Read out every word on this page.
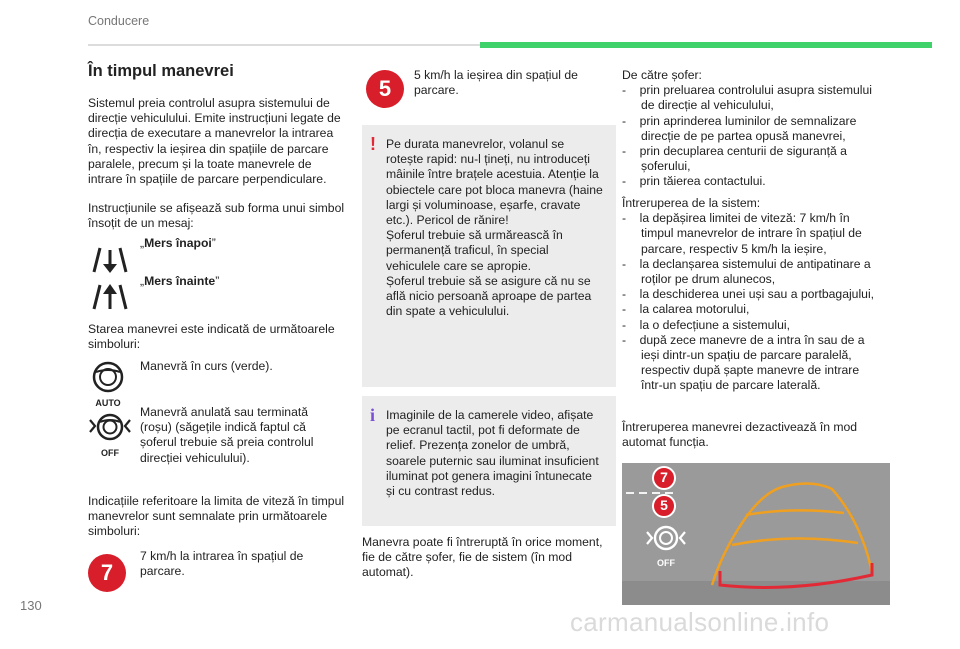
Conducere
În timpul manevrei
Sistemul preia controlul asupra sistemului de direcție vehiculului. Emite instrucțiuni legate de direcția de executare a manevrelor la intrarea în, respectiv la ieșirea din spațiile de parcare paralele, precum și la toate manevrele de intrare în spațiile de parcare perpendiculare.
Instrucțiunile se afișează sub forma unui simbol însoțit de un mesaj:
„Mers înapoi”
„Mers înainte”
Starea manevrei este indicată de următoarele simboluri:
AUTO
Manevră în curs (verde).
OFF
Manevră anulată sau terminată (roșu) (săgețile indică faptul că șoferul trebuie să preia controlul direcției vehiculului).
Indicațiile referitoare la limita de viteză în timpul manevrelor sunt semnalate prin următoarele simboluri:
7
7 km/h la intrarea în spațiul de parcare.
5
5 km/h la ieșirea din spațiul de parcare.
! Pe durata manevrelor, volanul se rotește rapid: nu-l țineți, nu introduceți mâinile între brațele acestuia. Atenție la obiectele care pot bloca manevra (haine largi și voluminoase, eșarfe, cravate etc.). Pericol de rănire!
Șoferul trebuie să urmărească în permanență traficul, în special vehiculele care se apropie.
Șoferul trebuie să se asigure că nu se află nicio persoană aproape de partea din spate a vehiculului.
i Imaginile de la camerele video, afișate pe ecranul tactil, pot fi deformate de relief. Prezența zonelor de umbră, soarele puternic sau iluminat insuficient iluminat pot genera imagini întunecate și cu contrast redus.
Manevra poate fi întreruptă în orice moment, fie de către șofer, fie de sistem (în mod automat).
De către șofer:
- prin preluarea controlului asupra sistemului de direcție al vehiculului,
- prin aprinderea luminilor de semnalizare direcție de pe partea opusă manevrei,
- prin decuplarea centurii de siguranță a șoferului,
- prin tăierea contactului.
Întreruperea de la sistem:
- la depășirea limitei de viteză: 7 km/h în timpul manevrelor de intrare în spațiul de parcare, respectiv 5 km/h la ieșire,
- la declanșarea sistemului de antipatinare a roților pe drum alunecos,
- la deschiderea unei uși sau a portbagajului,
- la calarea motorului,
- la o defecțiune a sistemului,
- după zece manevre de a intra în sau de a ieși dintr-un spațiu de parcare paralelă, respectiv după șapte manevre de intrare într-un spațiu de parcare laterală.
Întreruperea manevrei dezactivează în mod automat funcția.
7
5
OFF
130
carmanualsonline.info
